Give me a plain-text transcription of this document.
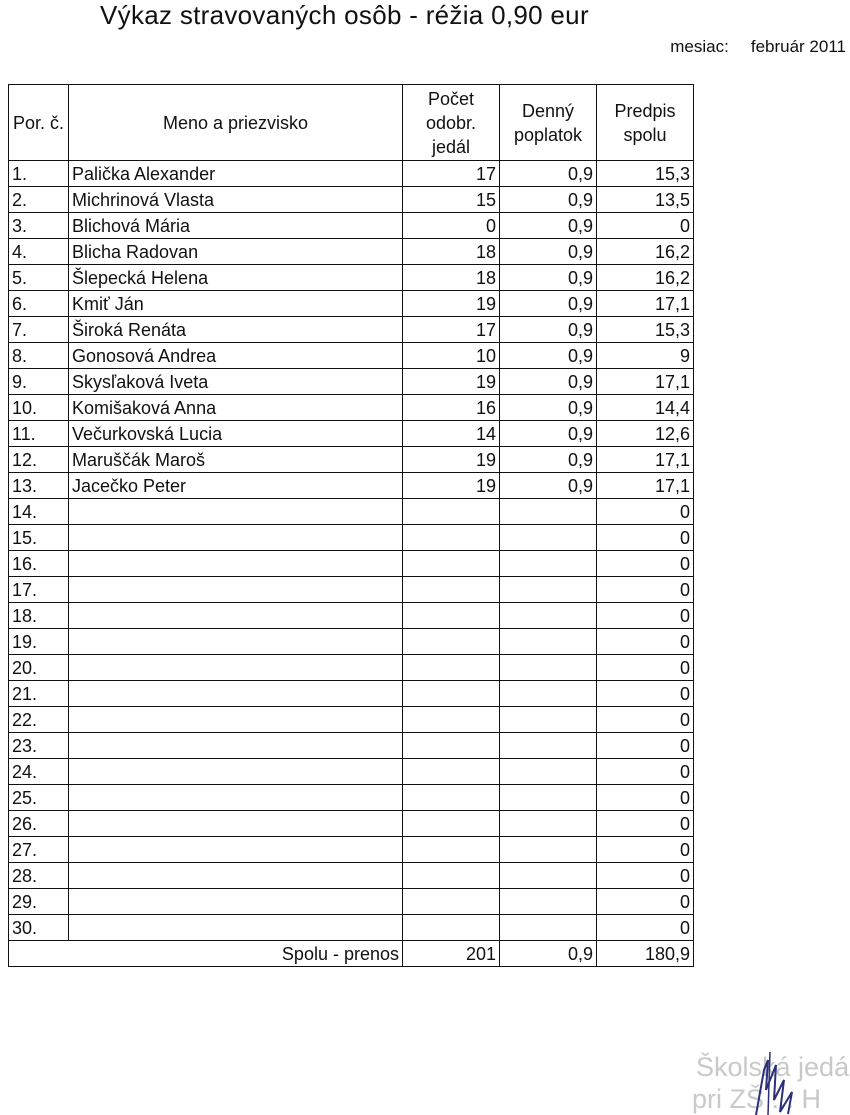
Výkaz stravovaných osôb - réžia 0,90 eur
mesiac: február 2011
Por. č.	Meno a priezvisko	Počet odobr. jedál	Denný poplatok	Predpis spolu
1.	Palička Alexander	17	0,9	15,3
2.	Michrinová Vlasta	15	0,9	13,5
3.	Blichová Mária	0	0,9	0
4.	Blicha Radovan	18	0,9	16,2
5.	Šlepecká Helena	18	0,9	16,2
6.	Kmiť Ján	19	0,9	17,1
7.	Široká Renáta	17	0,9	15,3
8.	Gonosová Andrea	10	0,9	9
9.	Skysľaková Iveta	19	0,9	17,1
10.	Komišaková Anna	16	0,9	14,4
11.	Večurkovská Lucia	14	0,9	12,6
12.	Maruščák Maroš	19	0,9	17,1
13.	Jacečko Peter	19	0,9	17,1
14.				0
15.				0
16.				0
17.				0
18.				0
19.				0
20.				0
21.				0
22.				0
23.				0
24.				0
25.				0
26.				0
27.				0
28.				0
29.				0
30.				0
Spolu - prenos		201	0,9	180,9
Školská jedá
pri ZŠ ... H
